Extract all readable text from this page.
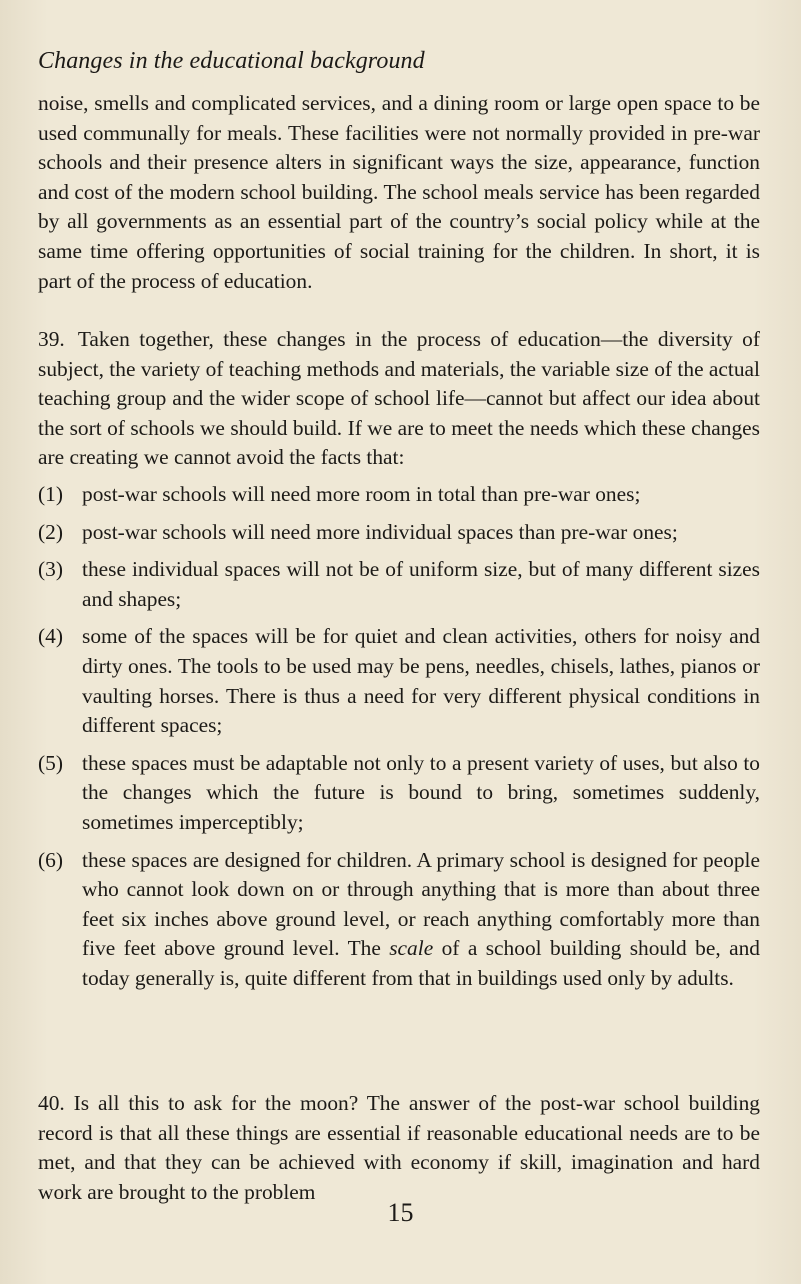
Changes in the educational background

noise, smells and complicated services, and a dining room or large open space to be used communally for meals. These facilities were not normally provided in pre-war schools and their presence alters in significant ways the size, appearance, function and cost of the modern school building. The school meals service has been regarded by all governments as an essential part of the country’s social policy while at the same time offering opportunities of social training for the children. In short, it is part of the process of education.

39. Taken together, these changes in the process of education—the diversity of subject, the variety of teaching methods and materials, the variable size of the actual teaching group and the wider scope of school life—cannot but affect our idea about the sort of schools we should build. If we are to meet the needs which these changes are creating we cannot avoid the facts that:

(1) post-war schools will need more room in total than pre-war ones;
(2) post-war schools will need more individual spaces than pre-war ones;
(3) these individual spaces will not be of uniform size, but of many different sizes and shapes;
(4) some of the spaces will be for quiet and clean activities, others for noisy and dirty ones. The tools to be used may be pens, needles, chisels, lathes, pianos or vaulting horses. There is thus a need for very different physical conditions in different spaces;
(5) these spaces must be adaptable not only to a present variety of uses, but also to the changes which the future is bound to bring, sometimes suddenly, sometimes imperceptibly;
(6) these spaces are designed for children. A primary school is designed for people who cannot look down on or through anything that is more than about three feet six inches above ground level, or reach anything comfortably more than five feet above ground level. The scale of a school building should be, and today generally is, quite different from that in buildings used only by adults.

40. Is all this to ask for the moon? The answer of the post-war school building record is that all these things are essential if reasonable educational needs are to be met, and that they can be achieved with economy if skill, imagination and hard work are brought to the problem

15
